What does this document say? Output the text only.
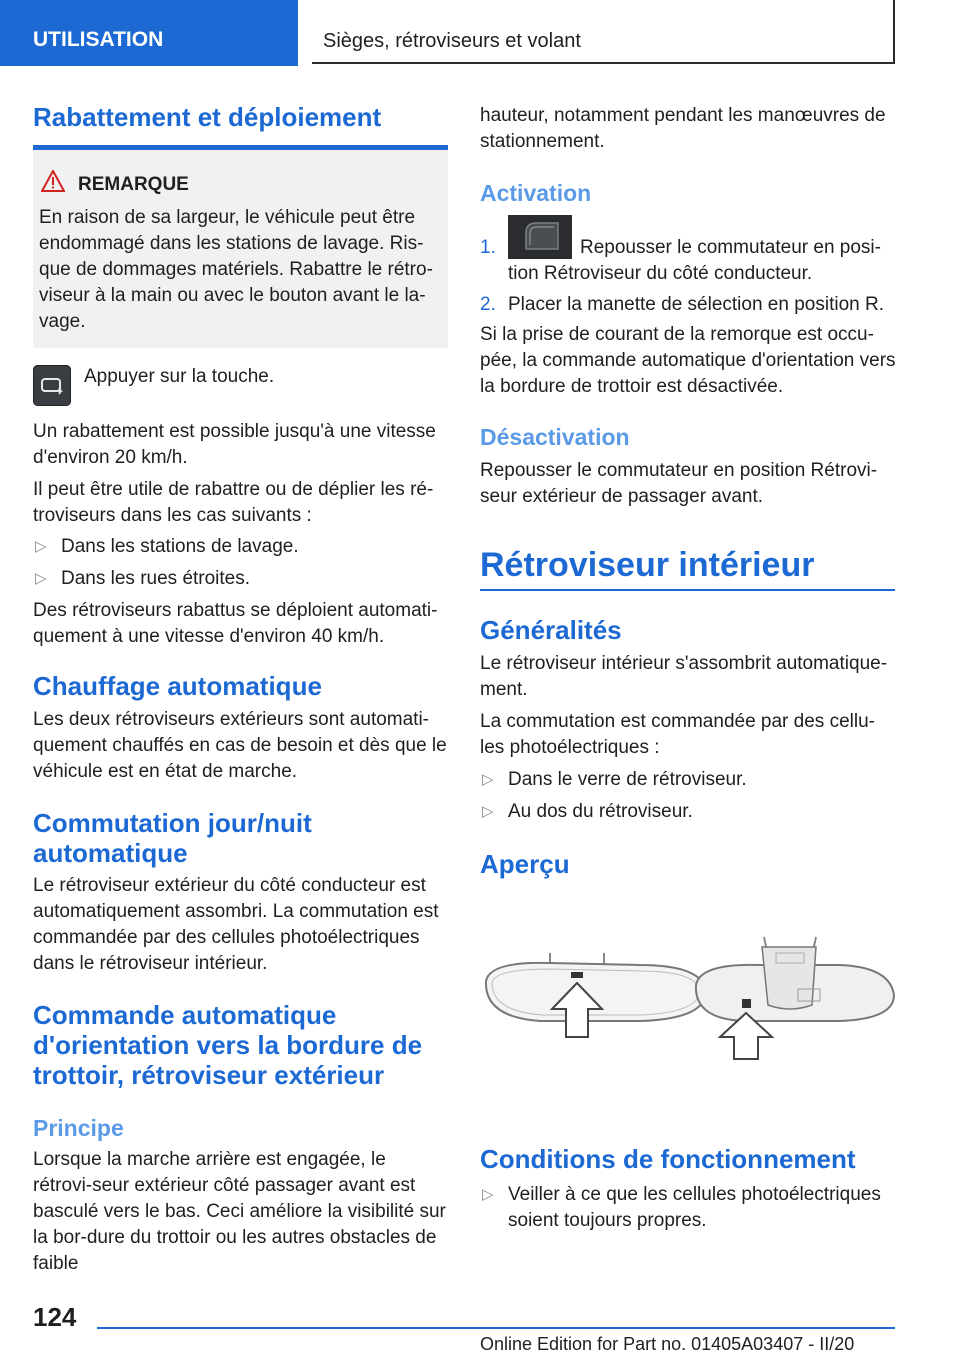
UTILISATION	Sièges, rétroviseurs et volant
Rabattement et déploiement
REMARQUE
En raison de sa largeur, le véhicule peut être endommagé dans les stations de lavage. Ris-que de dommages matériels. Rabattre le rétro-viseur à la main ou avec le bouton avant le la-vage.
Appuyer sur la touche.
Un rabattement est possible jusqu'à une vitesse d'environ 20 km/h.
Il peut être utile de rabattre ou de déplier les ré-troviseurs dans les cas suivants :
▷ Dans les stations de lavage.
▷ Dans les rues étroites.
Des rétroviseurs rabattus se déploient automati-quement à une vitesse d'environ 40 km/h.
Chauffage automatique
Les deux rétroviseurs extérieurs sont automati-quement chauffés en cas de besoin et dès que le véhicule est en état de marche.
Commutation jour/nuit automatique
Le rétroviseur extérieur du côté conducteur est automatiquement assombri. La commutation est commandée par des cellules photoélectriques dans le rétroviseur intérieur.
Commande automatique d'orientation vers la bordure de trottoir, rétroviseur extérieur
Principe
Lorsque la marche arrière est engagée, le rétrovi-seur extérieur côté passager avant est basculé vers le bas. Ceci améliore la visibilité sur la bor-dure du trottoir ou les autres obstacles de faible
hauteur, notamment pendant les manœuvres de stationnement.
Activation
1.	Repousser le commutateur en posi-tion Rétroviseur du côté conducteur.
2. Placer la manette de sélection en position R.
Si la prise de courant de la remorque est occu-pée, la commande automatique d'orientation vers la bordure de trottoir est désactivée.
Désactivation
Repousser le commutateur en position Rétrovi-seur extérieur de passager avant.
Rétroviseur intérieur
Généralités
Le rétroviseur intérieur s'assombrit automatique-ment.
La commutation est commandée par des cellu-les photoélectriques :
▷ Dans le verre de rétroviseur.
▷ Au dos du rétroviseur.
Aperçu
Conditions de fonctionnement
▷ Veiller à ce que les cellules photoélectriques soient toujours propres.
124
Online Edition for Part no. 01405A03407 - II/20
